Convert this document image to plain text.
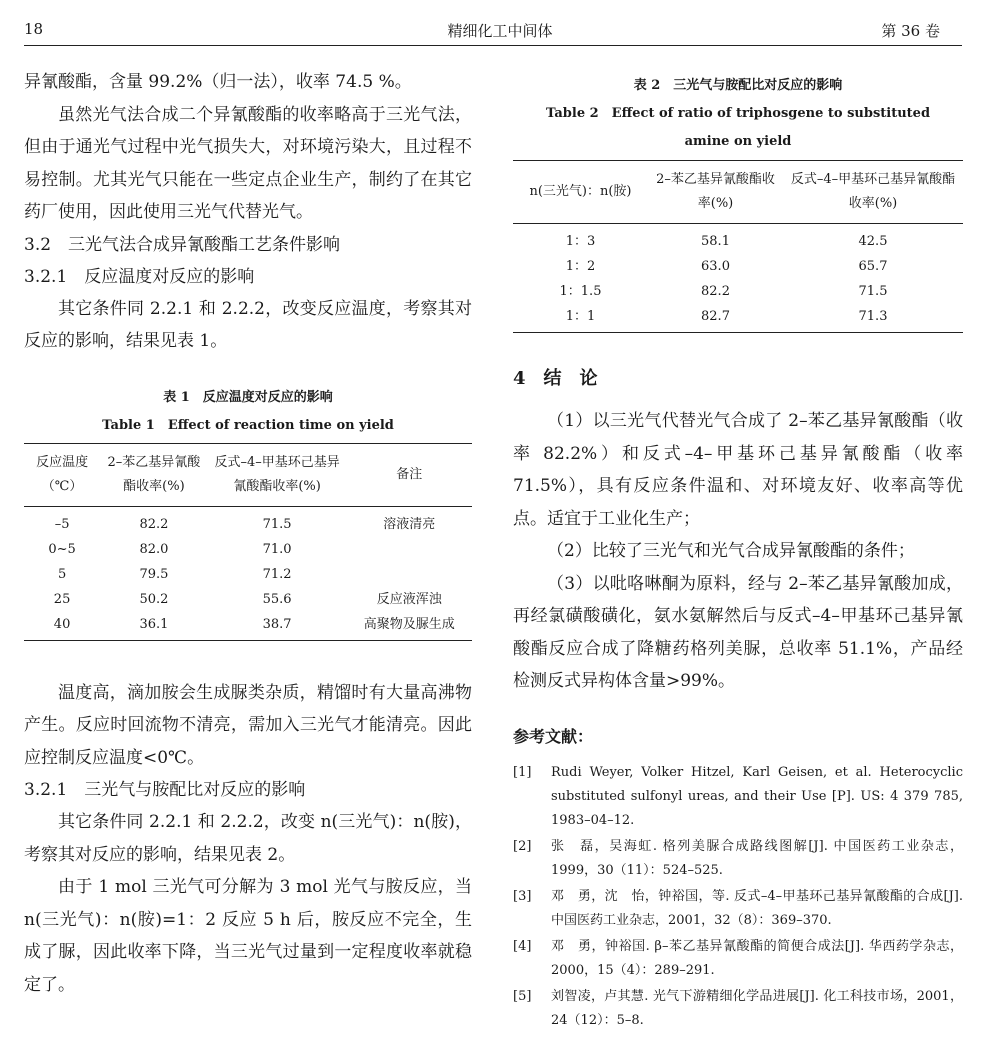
18	精细化工中间体	第 36 卷

异氰酸酯，含量 99.2%（归一法），收率 74.5 %。

虽然光气法合成二个异氰酸酯的收率略高于三光气法，但由于通光气过程中光气损失大，对环境污染大，且过程不易控制。尤其光气只能在一些定点企业生产，制约了在其它药厂使用，因此使用三光气代替光气。

3.2　三光气法合成异氰酸酯工艺条件影响

3.2.1　反应温度对反应的影响

其它条件同 2.2.1 和 2.2.2，改变反应温度，考察其对反应的影响，结果见表 1。

表 1　反应温度对反应的影响
Table 1　Effect of reaction time on yield
反应温度（℃）	2–苯乙基异氰酸酯收率(%)	反式–4–甲基环己基异氰酸酯收率(%)	备注
–5	82.2	71.5	溶液清亮
0~5	82.0	71.0	
5	79.5	71.2	
25	50.2	55.6	反应液浑浊
40	36.1	38.7	高聚物及脲生成

温度高，滴加胺会生成脲类杂质，精馏时有大量高沸物产生。反应时回流物不清亮，需加入三光气才能清亮。因此应控制反应温度<0℃。

3.2.1　三光气与胺配比对反应的影响

其它条件同 2.2.1 和 2.2.2，改变 n(三光气)：n(胺)，考察其对反应的影响，结果见表 2。

由于 1 mol 三光气可分解为 3 mol 光气与胺反应，当 n(三光气)：n(胺)=1：2 反应 5 h 后，胺反应不完全，生成了脲，因此收率下降，当三光气过量到一定程度收率就稳定了。

表 2　三光气与胺配比对反应的影响
Table 2　Effect of ratio of triphosgene to substituted
amine on yield
n(三光气)：n(胺)	2–苯乙基异氰酸酯收率(%)	反式–4–甲基环己基异氰酸酯收率(%)
1：3	58.1	42.5
1：2	63.0	65.7
1：1.5	82.2	71.5
1：1	82.7	71.3

4　结　论

（1）以三光气代替光气合成了 2–苯乙基异氰酸酯（收率 82.2%）和反式–4–甲基环己基异氰酸酯（收率 71.5%），具有反应条件温和、对环境友好、收率高等优点。适宜于工业化生产；

（2）比较了三光气和光气合成异氰酸酯的条件；

（3）以吡咯啉酮为原料，经与 2–苯乙基异氰酸加成，再经氯磺酸磺化，氨水氨解然后与反式–4–甲基环己基异氰酸酯反应合成了降糖药格列美脲，总收率 51.1%，产品经检测反式异构体含量>99%。

参考文献：
[1]	Rudi Weyer, Volker Hitzel, Karl Geisen, et al. Heterocyclic substituted sulfonyl ureas, and their Use [P]. US: 4 379 785, 1983–04–12.
[2]	张　磊，吴海虹. 格列美脲合成路线图解[J]. 中国医药工业杂志，1999，30（11）：524–525.
[3]	邓　勇，沈　怡，钟裕国，等. 反式–4–甲基环己基异氰酸酯的合成[J]. 中国医药工业杂志，2001，32（8）：369–370.
[4]	邓　勇，钟裕国. β–苯乙基异氰酸酯的简便合成法[J]. 华西药学杂志，2000，15（4）：289–291.
[5]	刘智凌，卢其慧. 光气下游精细化学品进展[J]. 化工科技市场，2001，24（12）：5–8.
